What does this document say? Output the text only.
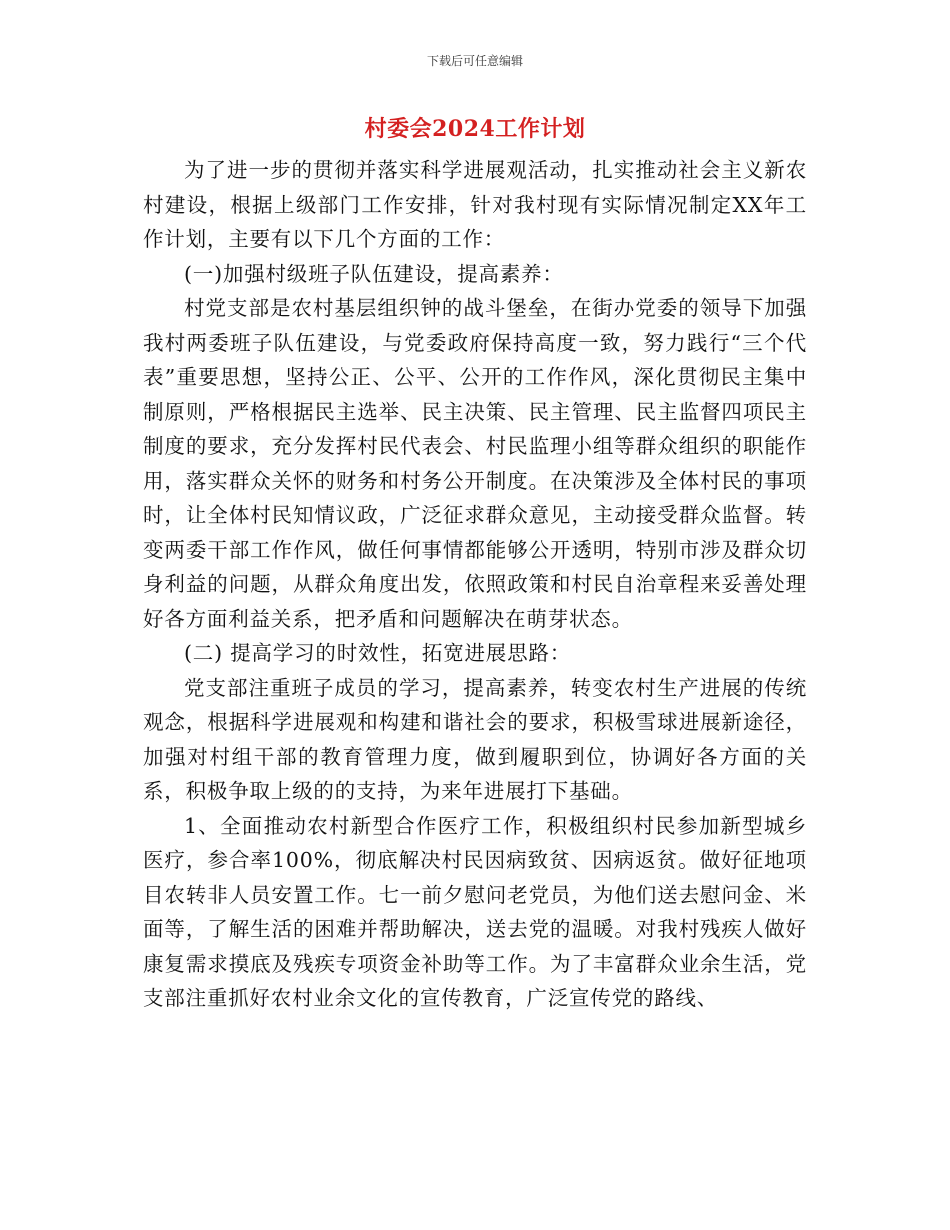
下载后可任意编辑
村委会2024工作计划

为了进一步的贯彻并落实科学进展观活动，扎实推动社会主义新农村建设，根据上级部门工作安排，针对我村现有实际情况制定XX年工作计划，主要有以下几个方面的工作：

(一)加强村级班子队伍建设，提高素养：

村党支部是农村基层组织钟的战斗堡垒，在街办党委的领导下加强我村两委班子队伍建设，与党委政府保持高度一致，努力践行“三个代表”重要思想，坚持公正、公平、公开的工作作风，深化贯彻民主集中制原则，严格根据民主选举、民主决策、民主管理、民主监督四项民主制度的要求，充分发挥村民代表会、村民监理小组等群众组织的职能作用，落实群众关怀的财务和村务公开制度。在决策涉及全体村民的事项时，让全体村民知情议政，广泛征求群众意见，主动接受群众监督。转变两委干部工作作风，做任何事情都能够公开透明，特别市涉及群众切身利益的问题，从群众角度出发，依照政策和村民自治章程来妥善处理好各方面利益关系，把矛盾和问题解决在萌芽状态。

(二) 提高学习的时效性，拓宽进展思路：

党支部注重班子成员的学习，提高素养，转变农村生产进展的传统观念，根据科学进展观和构建和谐社会的要求，积极雪球进展新途径，加强对村组干部的教育管理力度，做到履职到位，协调好各方面的关系，积极争取上级的的支持，为来年进展打下基础。

1、全面推动农村新型合作医疗工作，积极组织村民参加新型城乡医疗，参合率100%，彻底解决村民因病致贫、因病返贫。做好征地项目农转非人员安置工作。七一前夕慰问老党员，为他们送去慰问金、米面等，了解生活的困难并帮助解决，送去党的温暖。对我村残疾人做好康复需求摸底及残疾专项资金补助等工作。为了丰富群众业余生活，党支部注重抓好农村业余文化的宣传教育，广泛宣传党的路线、
